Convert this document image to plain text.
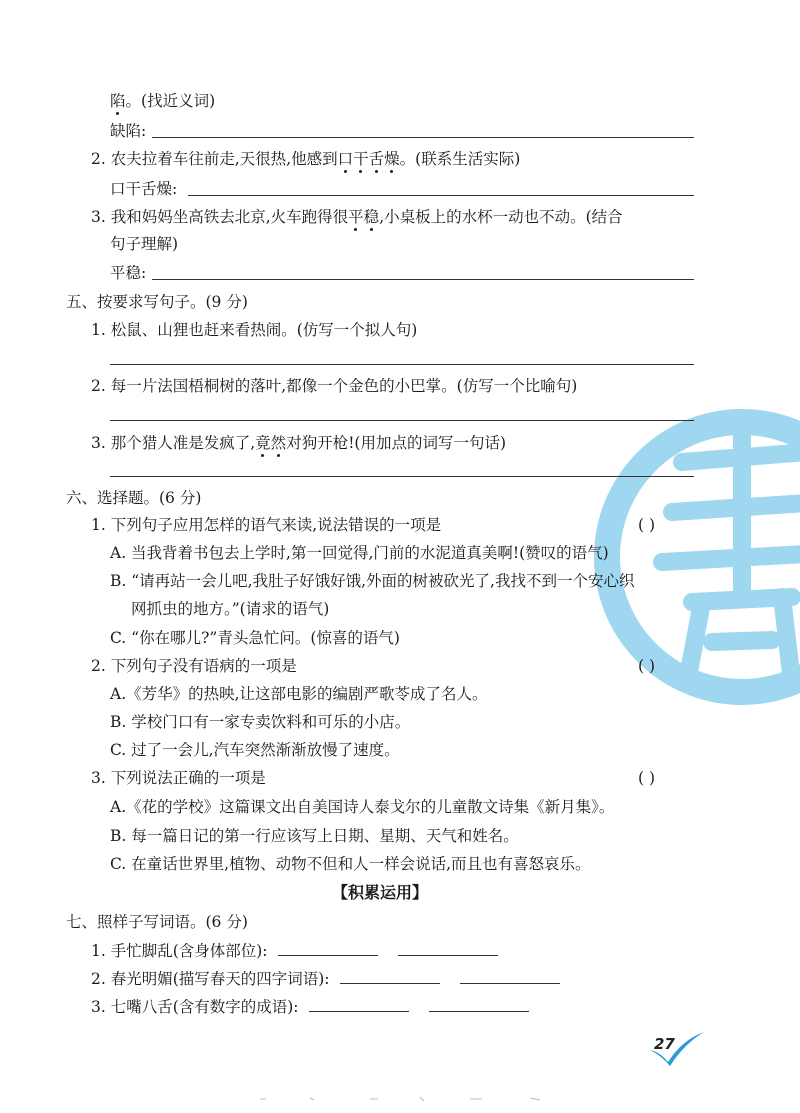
陷。(找近义词)
缺陷:
2. 农夫拉着车往前走,天很热,他感到口干舌燥。(联系生活实际)
口干舌燥:
3. 我和妈妈坐高铁去北京,火车跑得很平稳,小桌板上的水杯一动也不动。(结合
句子理解)
平稳:
五、按要求写句子。(9 分)
1. 松鼠、山狸也赶来看热闹。(仿写一个拟人句)
2. 每一片法国梧桐树的落叶,都像一个金色的小巴掌。(仿写一个比喻句)
3. 那个猎人准是发疯了,竟然对狗开枪!(用加点的词写一句话)
六、选择题。(6 分)
1. 下列句子应用怎样的语气来读,说法错误的一项是	( )
A. 当我背着书包去上学时,第一回觉得,门前的水泥道真美啊!(赞叹的语气)
B. “请再站一会儿吧,我肚子好饿好饿,外面的树被砍光了,我找不到一个安心织
网抓虫的地方。”(请求的语气)
C. “你在哪儿?”青头急忙问。(惊喜的语气)
2. 下列句子没有语病的一项是	( )
A.《芳华》的热映,让这部电影的编剧严歌苓成了名人。
B. 学校门口有一家专卖饮料和可乐的小店。
C. 过了一会儿,汽车突然渐渐放慢了速度。
3. 下列说法正确的一项是	( )
A.《花的学校》这篇课文出自美国诗人泰戈尔的儿童散文诗集《新月集》。
B. 每一篇日记的第一行应该写上日期、星期、天气和姓名。
C. 在童话世界里,植物、动物不但和人一样会说话,而且也有喜怒哀乐。
【积累运用】
七、照样子写词语。(6 分)
1. 手忙脚乱(含身体部位):
2. 春光明媚(描写春天的四字词语):
3. 七嘴八舌(含有数字的成语):
27
